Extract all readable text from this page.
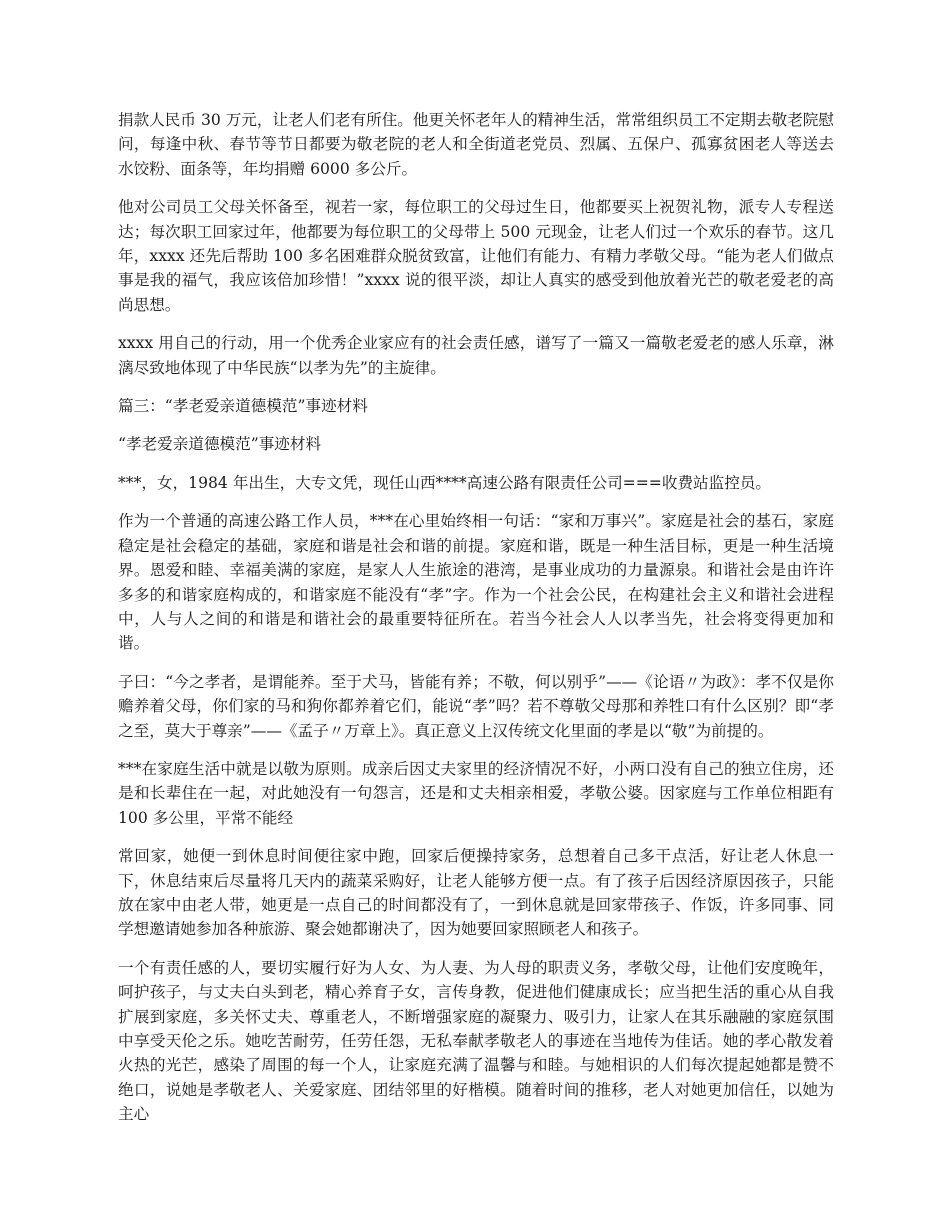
捐款人民币 30 万元，让老人们老有所住。他更关怀老年人的精神生活，常常组织员工不定期去敬老院慰问，每逢中秋、春节等节日都要为敬老院的老人和全街道老党员、烈属、五保户、孤寡贫困老人等送去水饺粉、面条等，年均捐赠 6000 多公斤。

他对公司员工父母关怀备至，视若一家，每位职工的父母过生日，他都要买上祝贺礼物，派专人专程送达；每次职工回家过年，他都要为每位职工的父母带上 500 元现金，让老人们过一个欢乐的春节。这几年，xxxx 还先后帮助 100 多名困难群众脱贫致富，让他们有能力、有精力孝敬父母。“能为老人们做点事是我的福气，我应该倍加珍惜！”xxxx 说的很平淡，却让人真实的感受到他放着光芒的敬老爱老的高尚思想。

xxxx 用自己的行动，用一个优秀企业家应有的社会责任感，谱写了一篇又一篇敬老爱老的感人乐章，淋漓尽致地体现了中华民族“以孝为先”的主旋律。

篇三：“孝老爱亲道德模范”事迹材料

“孝老爱亲道德模范”事迹材料

***，女，1984 年出生，大专文凭，现任山西****高速公路有限责任公司===收费站监控员。

作为一个普通的高速公路工作人员，***在心里始终相一句话：“家和万事兴”。家庭是社会的基石，家庭稳定是社会稳定的基础，家庭和谐是社会和谐的前提。家庭和谐，既是一种生活目标，更是一种生活境界。恩爱和睦、幸福美满的家庭，是家人人生旅途的港湾，是事业成功的力量源泉。和谐社会是由许许多多的和谐家庭构成的，和谐家庭不能没有“孝”字。作为一个社会公民，在构建社会主义和谐社会进程中，人与人之间的和谐是和谐社会的最重要特征所在。若当今社会人人以孝当先，社会将变得更加和谐。

子曰：“今之孝者，是谓能养。至于犬马，皆能有养；不敬，何以别乎”——《论语〃为政》：孝不仅是你赡养着父母，你们家的马和狗你都养着它们，能说“孝”吗？若不尊敬父母那和养牲口有什么区别？即“孝之至，莫大于尊亲”——《孟子〃万章上》。真正意义上汉传统文化里面的孝是以“敬”为前提的。

***在家庭生活中就是以敬为原则。成亲后因丈夫家里的经济情况不好，小两口没有自己的独立住房，还是和长辈住在一起，对此她没有一句怨言，还是和丈夫相亲相爱，孝敬公婆。因家庭与工作单位相距有 100 多公里，平常不能经

常回家，她便一到休息时间便往家中跑，回家后便操持家务，总想着自己多干点活，好让老人休息一下，休息结束后尽量将几天内的蔬菜采购好，让老人能够方便一点。有了孩子后因经济原因孩子，只能放在家中由老人带，她更是一点自己的时间都没有了，一到休息就是回家带孩子、作饭，许多同事、同学想邀请她参加各种旅游、聚会她都谢决了，因为她要回家照顾老人和孩子。

一个有责任感的人，要切实履行好为人女、为人妻、为人母的职责义务，孝敬父母，让他们安度晚年，呵护孩子，与丈夫白头到老，精心养育子女，言传身教，促进他们健康成长；应当把生活的重心从自我扩展到家庭，多关怀丈夫、尊重老人，不断增强家庭的凝聚力、吸引力，让家人在其乐融融的家庭氛围中享受天伦之乐。她吃苦耐劳，任劳任怨，无私奉献孝敬老人的事迹在当地传为佳话。她的孝心散发着火热的光芒，感染了周围的每一个人，让家庭充满了温馨与和睦。与她相识的人们每次提起她都是赞不绝口，说她是孝敬老人、关爱家庭、团结邻里的好楷模。随着时间的推移，老人对她更加信任，以她为主心
